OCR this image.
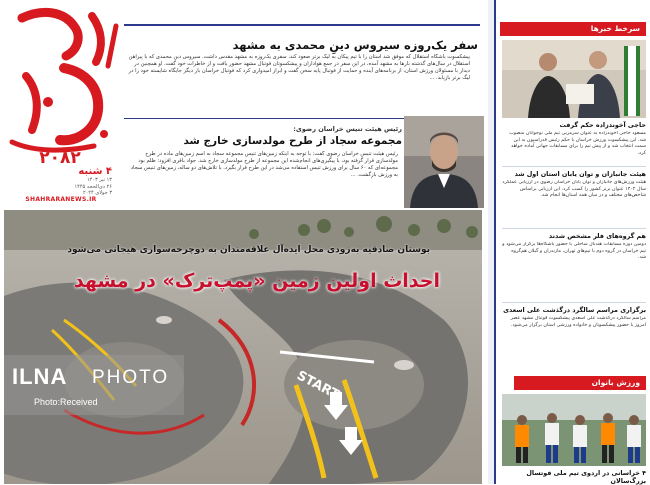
۲۰۸۲
۴ شنبه
۱۳ تیر ۱۴۰۳
۲۶ ذی‌الحجه ۱۴۴۵
۳ جولای ۲۰۲۴
SHAHRARANEWS.IR
سفر یک‌روزه سیروس دینِ محمدی به مشهد
پیشکسوت باشگاه استقلال که موفق شد استان را با تیم پیکان به لیگ برتر صعود کند، سفری یک‌روزه به مشهد مقدس داشت. سیروس دین محمدی که با پیراهن استقلال در سال‌های گذشته بارها به مشهد آمده، در این سفر در جمع هواداران و پیشکسوتان فوتبال مشهد حضور یافت و از خاطرات خود گفت. او همچنین در دیدار با مسئولان ورزش استان، از برنامه‌های آینده و حمایت از فوتبال پایه سخن گفت و ابراز امیدواری کرد که فوتبال خراسان بار دیگر جایگاه شایسته خود را در لیگ برتر بازیابد. ...
رئیس هیئت تنیس خراسان رضوی:
مجموعه سجاد از طرح مولدسازی خارج شد
رئیس هیئت تنیس خراسان رضوی گفت: با توجه به اینکه زمین‌های تنیس مجموعه سجاد به اسم زمین‌های ماده در طرح مولدسازی قرار گرفته بود، با پیگیری‌های انجام‌شده این مجموعه از طرح مولدسازی خارج شد. جواد باقری افزود: ظلم بود مجموعه‌ای که ۶۰ سال برای ورزش تنیس استفاده می‌شد در این طرح قرار بگیرد. با تلاش‌های دو ساله، زمین‌های تنیس سجاد به ورزش بازگشت. ...
START
بوستان صادقیه به‌زودی محل ایده‌آل علاقه‌مندان به دوچرخه‌سواری هیجانی می‌شود
احداث اولین زمین «پمپ‌ترک» در مشهد
ILNA PHOTO
Photo:Received
سرخط خبرها
حاجی آخوندزاده حکم گرفت
مسعود حاجی آخوندزاده به عنوان سرمربی تیم ملی نوجوانان منصوب شد. این پیشکسوت ورزش خراسان با حکم رئیس فدراسیون به این سمت انتخاب شد و از پیش تیم را برای مسابقات جهانی آماده خواهد کرد.
هیئت جانبازان و توان یابان استان اول شد
هیئت ورزش‌های جانبازان و توان یابان خراسان رضوی در ارزیابی عملکرد سال ۱۴۰۲ عنوان برتر کشور را کسب کرد. این ارزیابی براساس شاخص‌های مختلف و در میان همه استان‌ها انجام شد.
هم گروه‌های فلر مشخص شدند
دومین دوره مسابقات هندبال ساحلی با حضور باشگاه‌ها برگزار می‌شود و تیم خراسان در گروه دوم با تیم‌های تهران، مازندران و گیلان هم‌گروه شد.
برگزاری مراسم سالگرد درگذشت علی اسعدی
مراسم سالگرد درگذشت علی اسعدی پیشکسوت فوتبال مشهد عصر امروز با حضور پیشکسوتان و خانواده ورزشی استان برگزار می‌شود.
ورزش بانوان
۴ خراسانی در اردوی تیم ملی فوتسال بزرگ‌سالان
